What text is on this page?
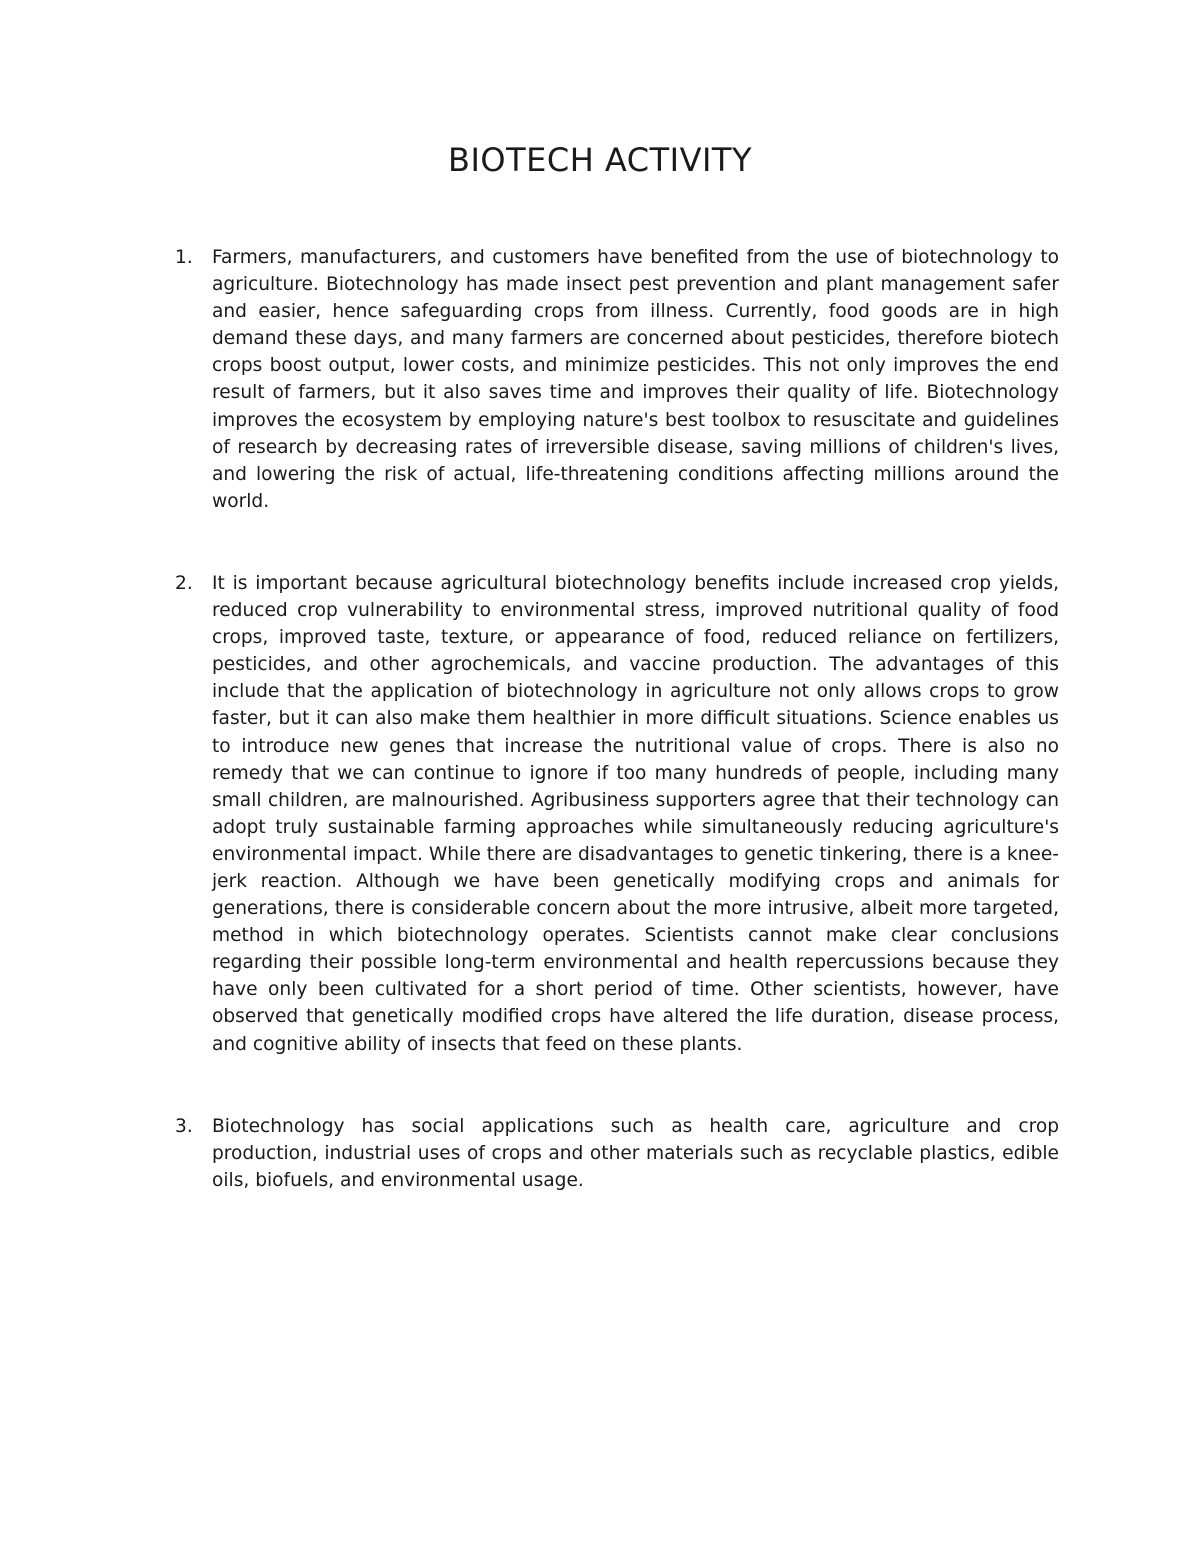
BIOTECH ACTIVITY
1. Farmers, manufacturers, and customers have benefited from the use of biotechnology to agriculture. Biotechnology has made insect pest prevention and plant management safer and easier, hence safeguarding crops from illness. Currently, food goods are in high demand these days, and many farmers are concerned about pesticides, therefore biotech crops boost output, lower costs, and minimize pesticides. This not only improves the end result of farmers, but it also saves time and improves their quality of life. Biotechnology improves the ecosystem by employing nature's best toolbox to resuscitate and guidelines of research by decreasing rates of irreversible disease, saving millions of children's lives, and lowering the risk of actual, life-threatening conditions affecting millions around the world.
2. It is important because agricultural biotechnology benefits include increased crop yields, reduced crop vulnerability to environmental stress, improved nutritional quality of food crops, improved taste, texture, or appearance of food, reduced reliance on fertilizers, pesticides, and other agrochemicals, and vaccine production. The advantages of this include that the application of biotechnology in agriculture not only allows crops to grow faster, but it can also make them healthier in more difficult situations. Science enables us to introduce new genes that increase the nutritional value of crops. There is also no remedy that we can continue to ignore if too many hundreds of people, including many small children, are malnourished. Agribusiness supporters agree that their technology can adopt truly sustainable farming approaches while simultaneously reducing agriculture's environmental impact. While there are disadvantages to genetic tinkering, there is a knee-jerk reaction. Although we have been genetically modifying crops and animals for generations, there is considerable concern about the more intrusive, albeit more targeted, method in which biotechnology operates. Scientists cannot make clear conclusions regarding their possible long-term environmental and health repercussions because they have only been cultivated for a short period of time. Other scientists, however, have observed that genetically modified crops have altered the life duration, disease process, and cognitive ability of insects that feed on these plants.
3. Biotechnology has social applications such as health care, agriculture and crop production, industrial uses of crops and other materials such as recyclable plastics, edible oils, biofuels, and environmental usage.
